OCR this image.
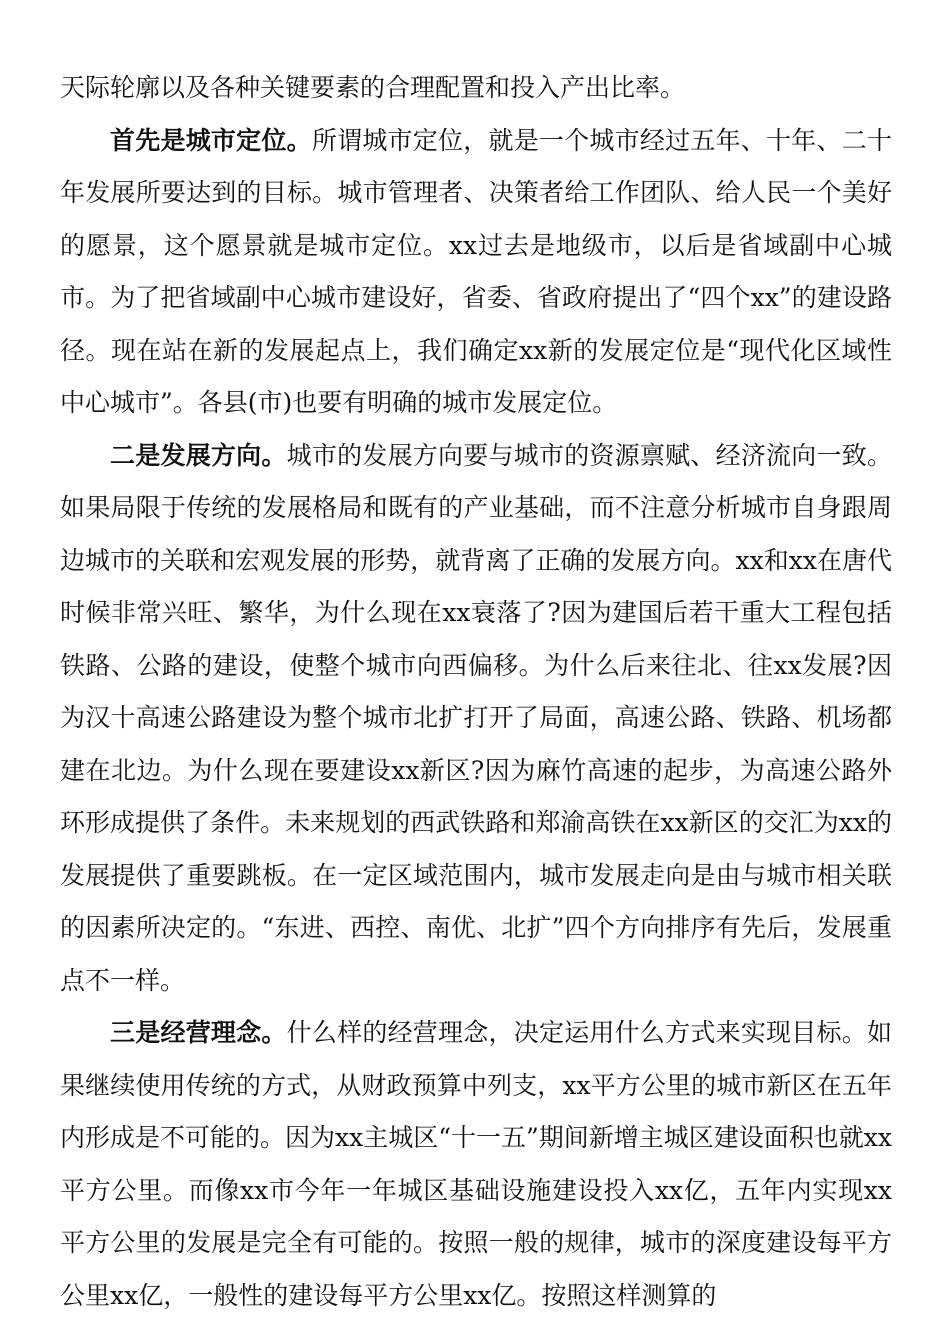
天际轮廓以及各种关键要素的合理配置和投入产出比率。

首先是城市定位。所谓城市定位，就是一个城市经过五年、十年、二十年发展所要达到的目标。城市管理者、决策者给工作团队、给人民一个美好的愿景，这个愿景就是城市定位。xx过去是地级市，以后是省域副中心城市。为了把省域副中心城市建设好，省委、省政府提出了“四个xx”的建设路径。现在站在新的发展起点上，我们确定xx新的发展定位是“现代化区域性中心城市”。各县(市)也要有明确的城市发展定位。

二是发展方向。城市的发展方向要与城市的资源禀赋、经济流向一致。如果局限于传统的发展格局和既有的产业基础，而不注意分析城市自身跟周边城市的关联和宏观发展的形势，就背离了正确的发展方向。xx和xx在唐代时候非常兴旺、繁华，为什么现在xx衰落了?因为建国后若干重大工程包括铁路、公路的建设，使整个城市向西偏移。为什么后来往北、往xx发展?因为汉十高速公路建设为整个城市北扩打开了局面，高速公路、铁路、机场都建在北边。为什么现在要建设xx新区?因为麻竹高速的起步，为高速公路外环形成提供了条件。未来规划的西武铁路和郑渝高铁在xx新区的交汇为xx的发展提供了重要跳板。在一定区域范围内，城市发展走向是由与城市相关联的因素所决定的。“东进、西控、南优、北扩”四个方向排序有先后，发展重点不一样。

三是经营理念。什么样的经营理念，决定运用什么方式来实现目标。如果继续使用传统的方式，从财政预算中列支，xx平方公里的城市新区在五年内形成是不可能的。因为xx主城区“十一五”期间新增主城区建设面积也就xx平方公里。而像xx市今年一年城区基础设施建设投入xx亿，五年内实现xx平方公里的发展是完全有可能的。按照一般的规律，城市的深度建设每平方公里xx亿，一般性的建设每平方公里xx亿。按照这样测算的
